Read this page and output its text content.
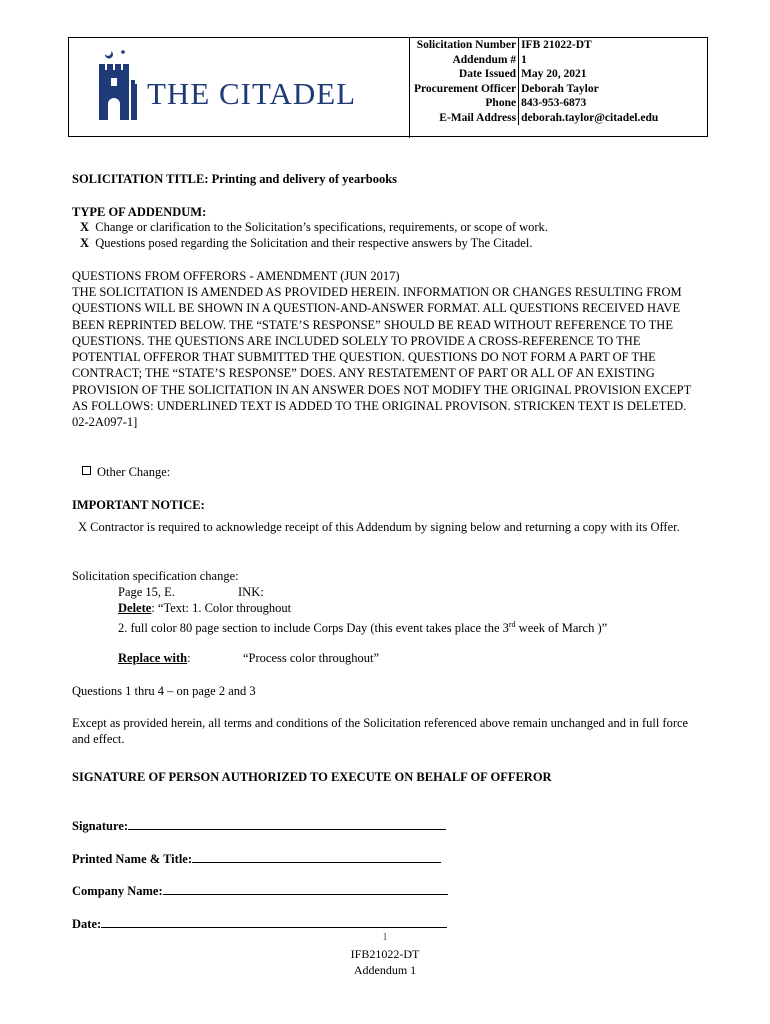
THE CITADEL
Solicitation Number	IFB 21022-DT
Addendum #	1
Date Issued	May 20, 2021
Procurement Officer	Deborah Taylor
Phone	843-953-6873
E-Mail Address	deborah.taylor@citadel.edu
SOLICITATION TITLE: Printing and delivery of yearbooks
TYPE OF ADDENDUM:
X Change or clarification to the Solicitation’s specifications, requirements, or scope of work.
X Questions posed regarding the Solicitation and their respective answers by The Citadel.
QUESTIONS FROM OFFERORS - AMENDMENT (JUN 2017)
THE SOLICITATION IS AMENDED AS PROVIDED HEREIN. INFORMATION OR CHANGES RESULTING FROM QUESTIONS WILL BE SHOWN IN A QUESTION-AND-ANSWER FORMAT. ALL QUESTIONS RECEIVED HAVE BEEN REPRINTED BELOW. THE “STATE’S RESPONSE” SHOULD BE READ WITHOUT REFERENCE TO THE QUESTIONS. THE QUESTIONS ARE INCLUDED SOLELY TO PROVIDE A CROSS-REFERENCE TO THE POTENTIAL OFFEROR THAT SUBMITTED THE QUESTION. QUESTIONS DO NOT FORM A PART OF THE CONTRACT; THE “STATE’S RESPONSE” DOES. ANY RESTATEMENT OF PART OR ALL OF AN EXISTING PROVISION OF THE SOLICITATION IN AN ANSWER DOES NOT MODIFY THE ORIGINAL PROVISION EXCEPT AS FOLLOWS: UNDERLINED TEXT IS ADDED TO THE ORIGINAL PROVISON. STRICKEN TEXT IS DELETED. 02-2A097-1]
Other Change:
IMPORTANT NOTICE:
X Contractor is required to acknowledge receipt of this Addendum by signing below and returning a copy with its Offer.
Solicitation specification change:
Page 15, E.	INK:
Delete: “Text: 1. Color throughout
2. full color 80 page section to include Corps Day (this event takes place the 3rd week of March )”
Replace with:	“Process color throughout”
Questions 1 thru 4 – on page 2 and 3
Except as provided herein, all terms and conditions of the Solicitation referenced above remain unchanged and in full force and effect.
SIGNATURE OF PERSON AUTHORIZED TO EXECUTE ON BEHALF OF OFFEROR
Signature:
Printed Name & Title:
Company Name:
Date:
1
IFB21022-DT
Addendum 1
